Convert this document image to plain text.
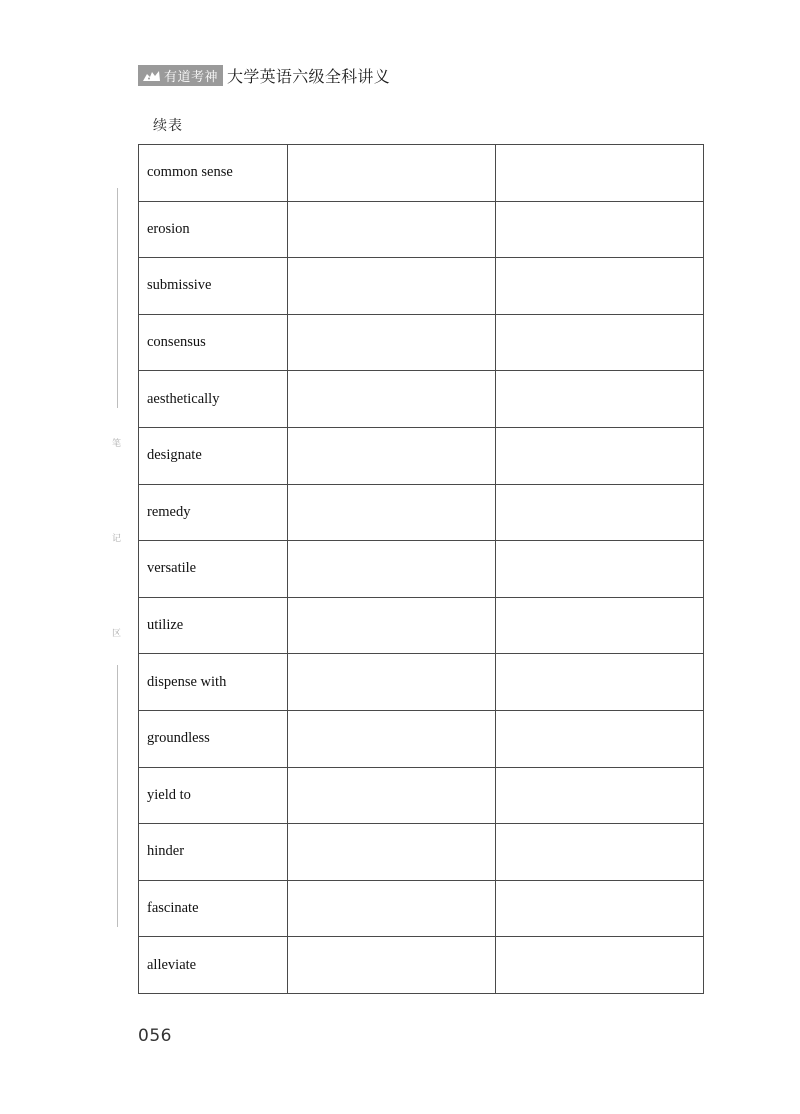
有道考神 大学英语六级全科讲义
续表
笔
记
区
common sense		
erosion		
submissive		
consensus		
aesthetically		
designate		
remedy		
versatile		
utilize		
dispense with		
groundless		
yield to		
hinder		
fascinate		
alleviate		
056
